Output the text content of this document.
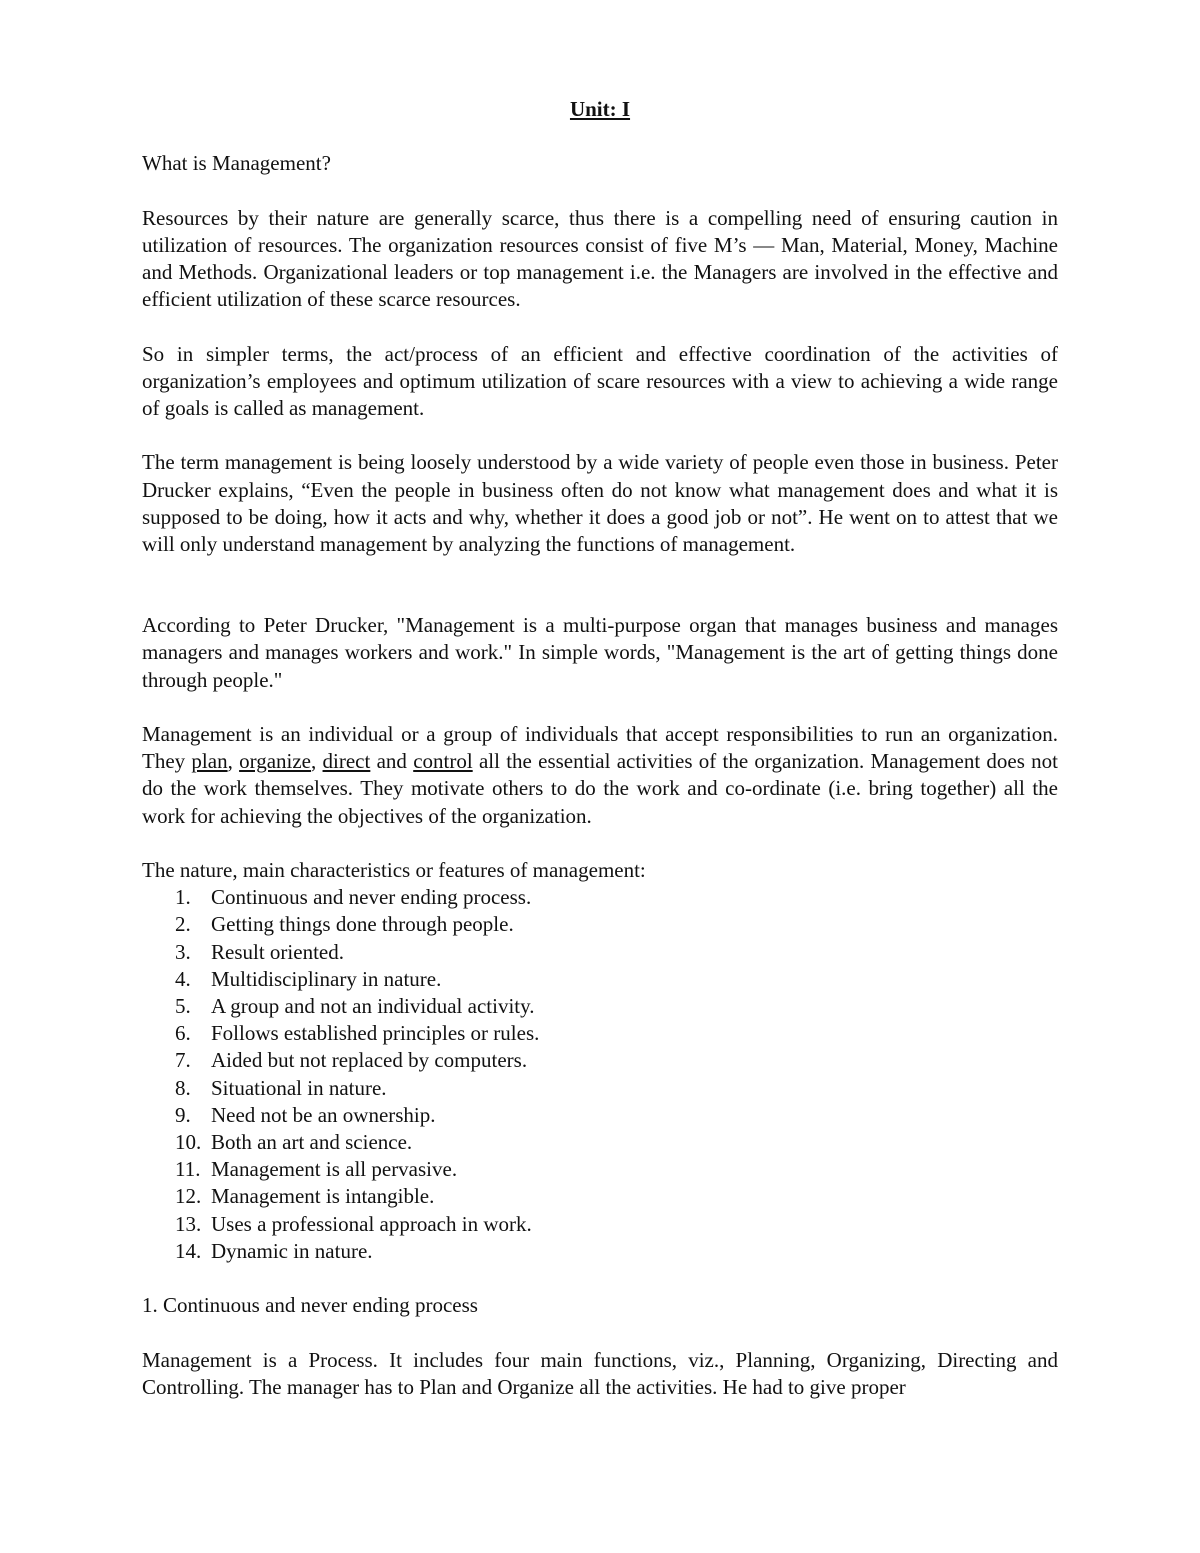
Unit: I

What is Management?

Resources by their nature are generally scarce, thus there is a compelling need of ensuring caution in utilization of resources. The organization resources consist of five M’s — Man, Material, Money, Machine and Methods. Organizational leaders or top management i.e. the Managers are involved in the effective and efficient utilization of these scarce resources.

So in simpler terms, the act/process of an efficient and effective coordination of the activities of organization’s employees and optimum utilization of scare resources with a view to achieving a wide range of goals is called as management.

The term management is being loosely understood by a wide variety of people even those in business. Peter Drucker explains, “Even the people in business often do not know what management does and what it is supposed to be doing, how it acts and why, whether it does a good job or not”. He went on to attest that we will only understand management by analyzing the functions of management.

According to Peter Drucker, "Management is a multi-purpose organ that manages business and manages managers and manages workers and work." In simple words, "Management is the art of getting things done through people."

Management is an individual or a group of individuals that accept responsibilities to run an organization. They plan, organize, direct and control all the essential activities of the organization. Management does not do the work themselves. They motivate others to do the work and co-ordinate (i.e. bring together) all the work for achieving the objectives of the organization.

The nature, main characteristics or features of management:
1. Continuous and never ending process.
2. Getting things done through people.
3. Result oriented.
4. Multidisciplinary in nature.
5. A group and not an individual activity.
6. Follows established principles or rules.
7. Aided but not replaced by computers.
8. Situational in nature.
9. Need not be an ownership.
10. Both an art and science.
11. Management is all pervasive.
12. Management is intangible.
13. Uses a professional approach in work.
14. Dynamic in nature.

1. Continuous and never ending process

Management is a Process. It includes four main functions, viz., Planning, Organizing, Directing and Controlling. The manager has to Plan and Organize all the activities. He had to give proper
